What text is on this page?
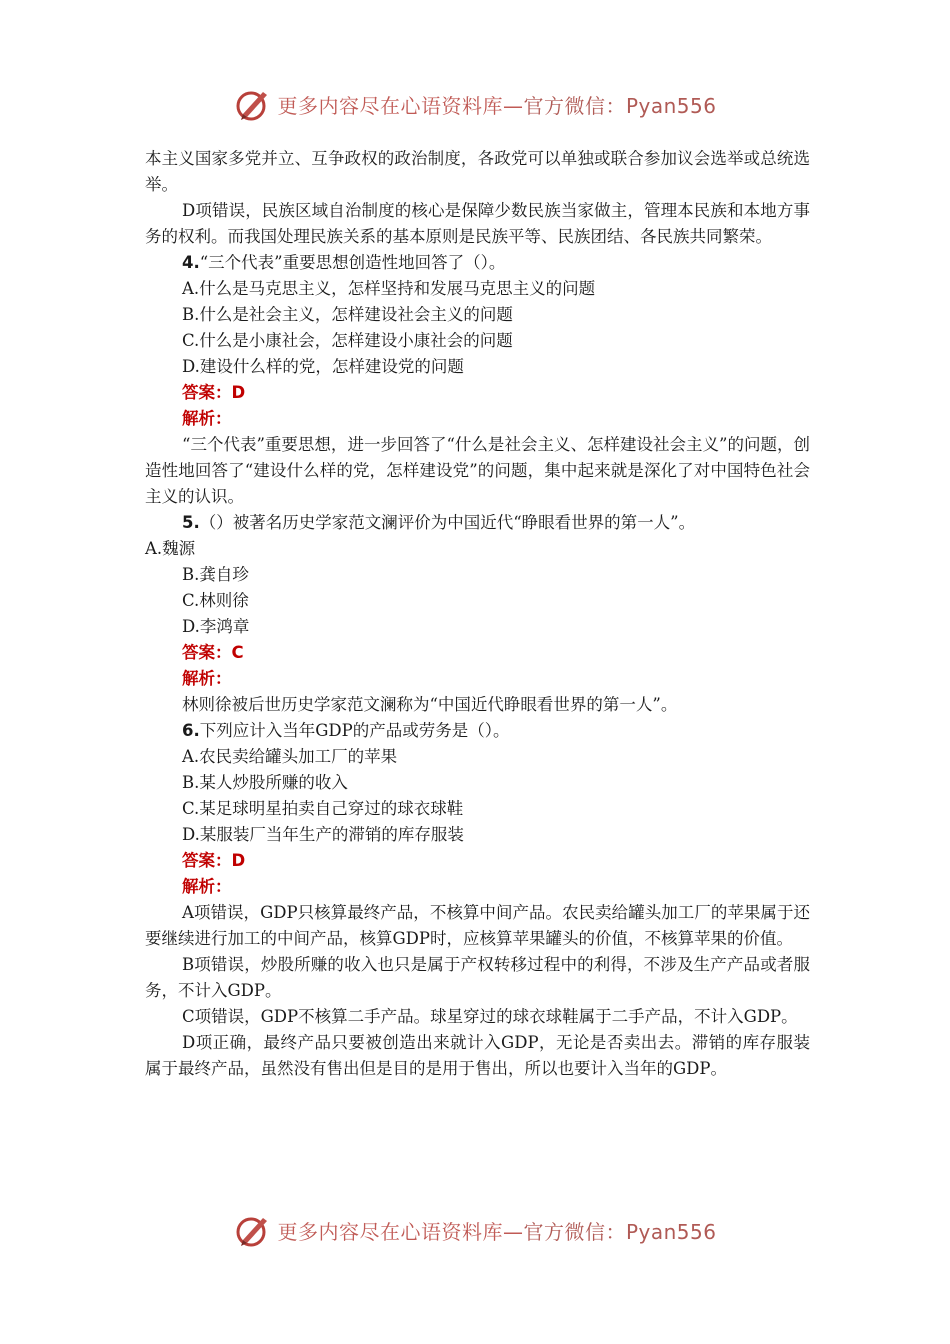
更多内容尽在心语资料库—官方微信：Pyan556

本主义国家多党并立、互争政权的政治制度，各政党可以单独或联合参加议会选举或总统选举。

D项错误，民族区域自治制度的核心是保障少数民族当家做主，管理本民族和本地方事务的权利。而我国处理民族关系的基本原则是民族平等、民族团结、各民族共同繁荣。

4.“三个代表”重要思想创造性地回答了（）。

A.什么是马克思主义，怎样坚持和发展马克思主义的问题

B.什么是社会主义，怎样建设社会主义的问题

C.什么是小康社会，怎样建设小康社会的问题

D.建设什么样的党，怎样建设党的问题

答案：D

解析：

“三个代表”重要思想，进一步回答了“什么是社会主义、怎样建设社会主义”的问题，创造性地回答了“建设什么样的党，怎样建设党”的问题，集中起来就是深化了对中国特色社会主义的认识。

5.（）被著名历史学家范文澜评价为中国近代“睁眼看世界的第一人”。

A.魏源

B.龚自珍

C.林则徐

D.李鸿章

答案：C

解析：

林则徐被后世历史学家范文澜称为“中国近代睁眼看世界的第一人”。

6.下列应计入当年GDP的产品或劳务是（）。

A.农民卖给罐头加工厂的苹果

B.某人炒股所赚的收入

C.某足球明星拍卖自己穿过的球衣球鞋

D.某服装厂当年生产的滞销的库存服装

答案：D

解析：

A项错误，GDP只核算最终产品，不核算中间产品。农民卖给罐头加工厂的苹果属于还要继续进行加工的中间产品，核算GDP时，应核算苹果罐头的价值，不核算苹果的价值。

B项错误，炒股所赚的收入也只是属于产权转移过程中的利得，不涉及生产产品或者服务，不计入GDP。

C项错误，GDP不核算二手产品。球星穿过的球衣球鞋属于二手产品，不计入GDP。

D项正确，最终产品只要被创造出来就计入GDP，无论是否卖出去。滞销的库存服装属于最终产品，虽然没有售出但是目的是用于售出，所以也要计入当年的GDP。

更多内容尽在心语资料库—官方微信：Pyan556
